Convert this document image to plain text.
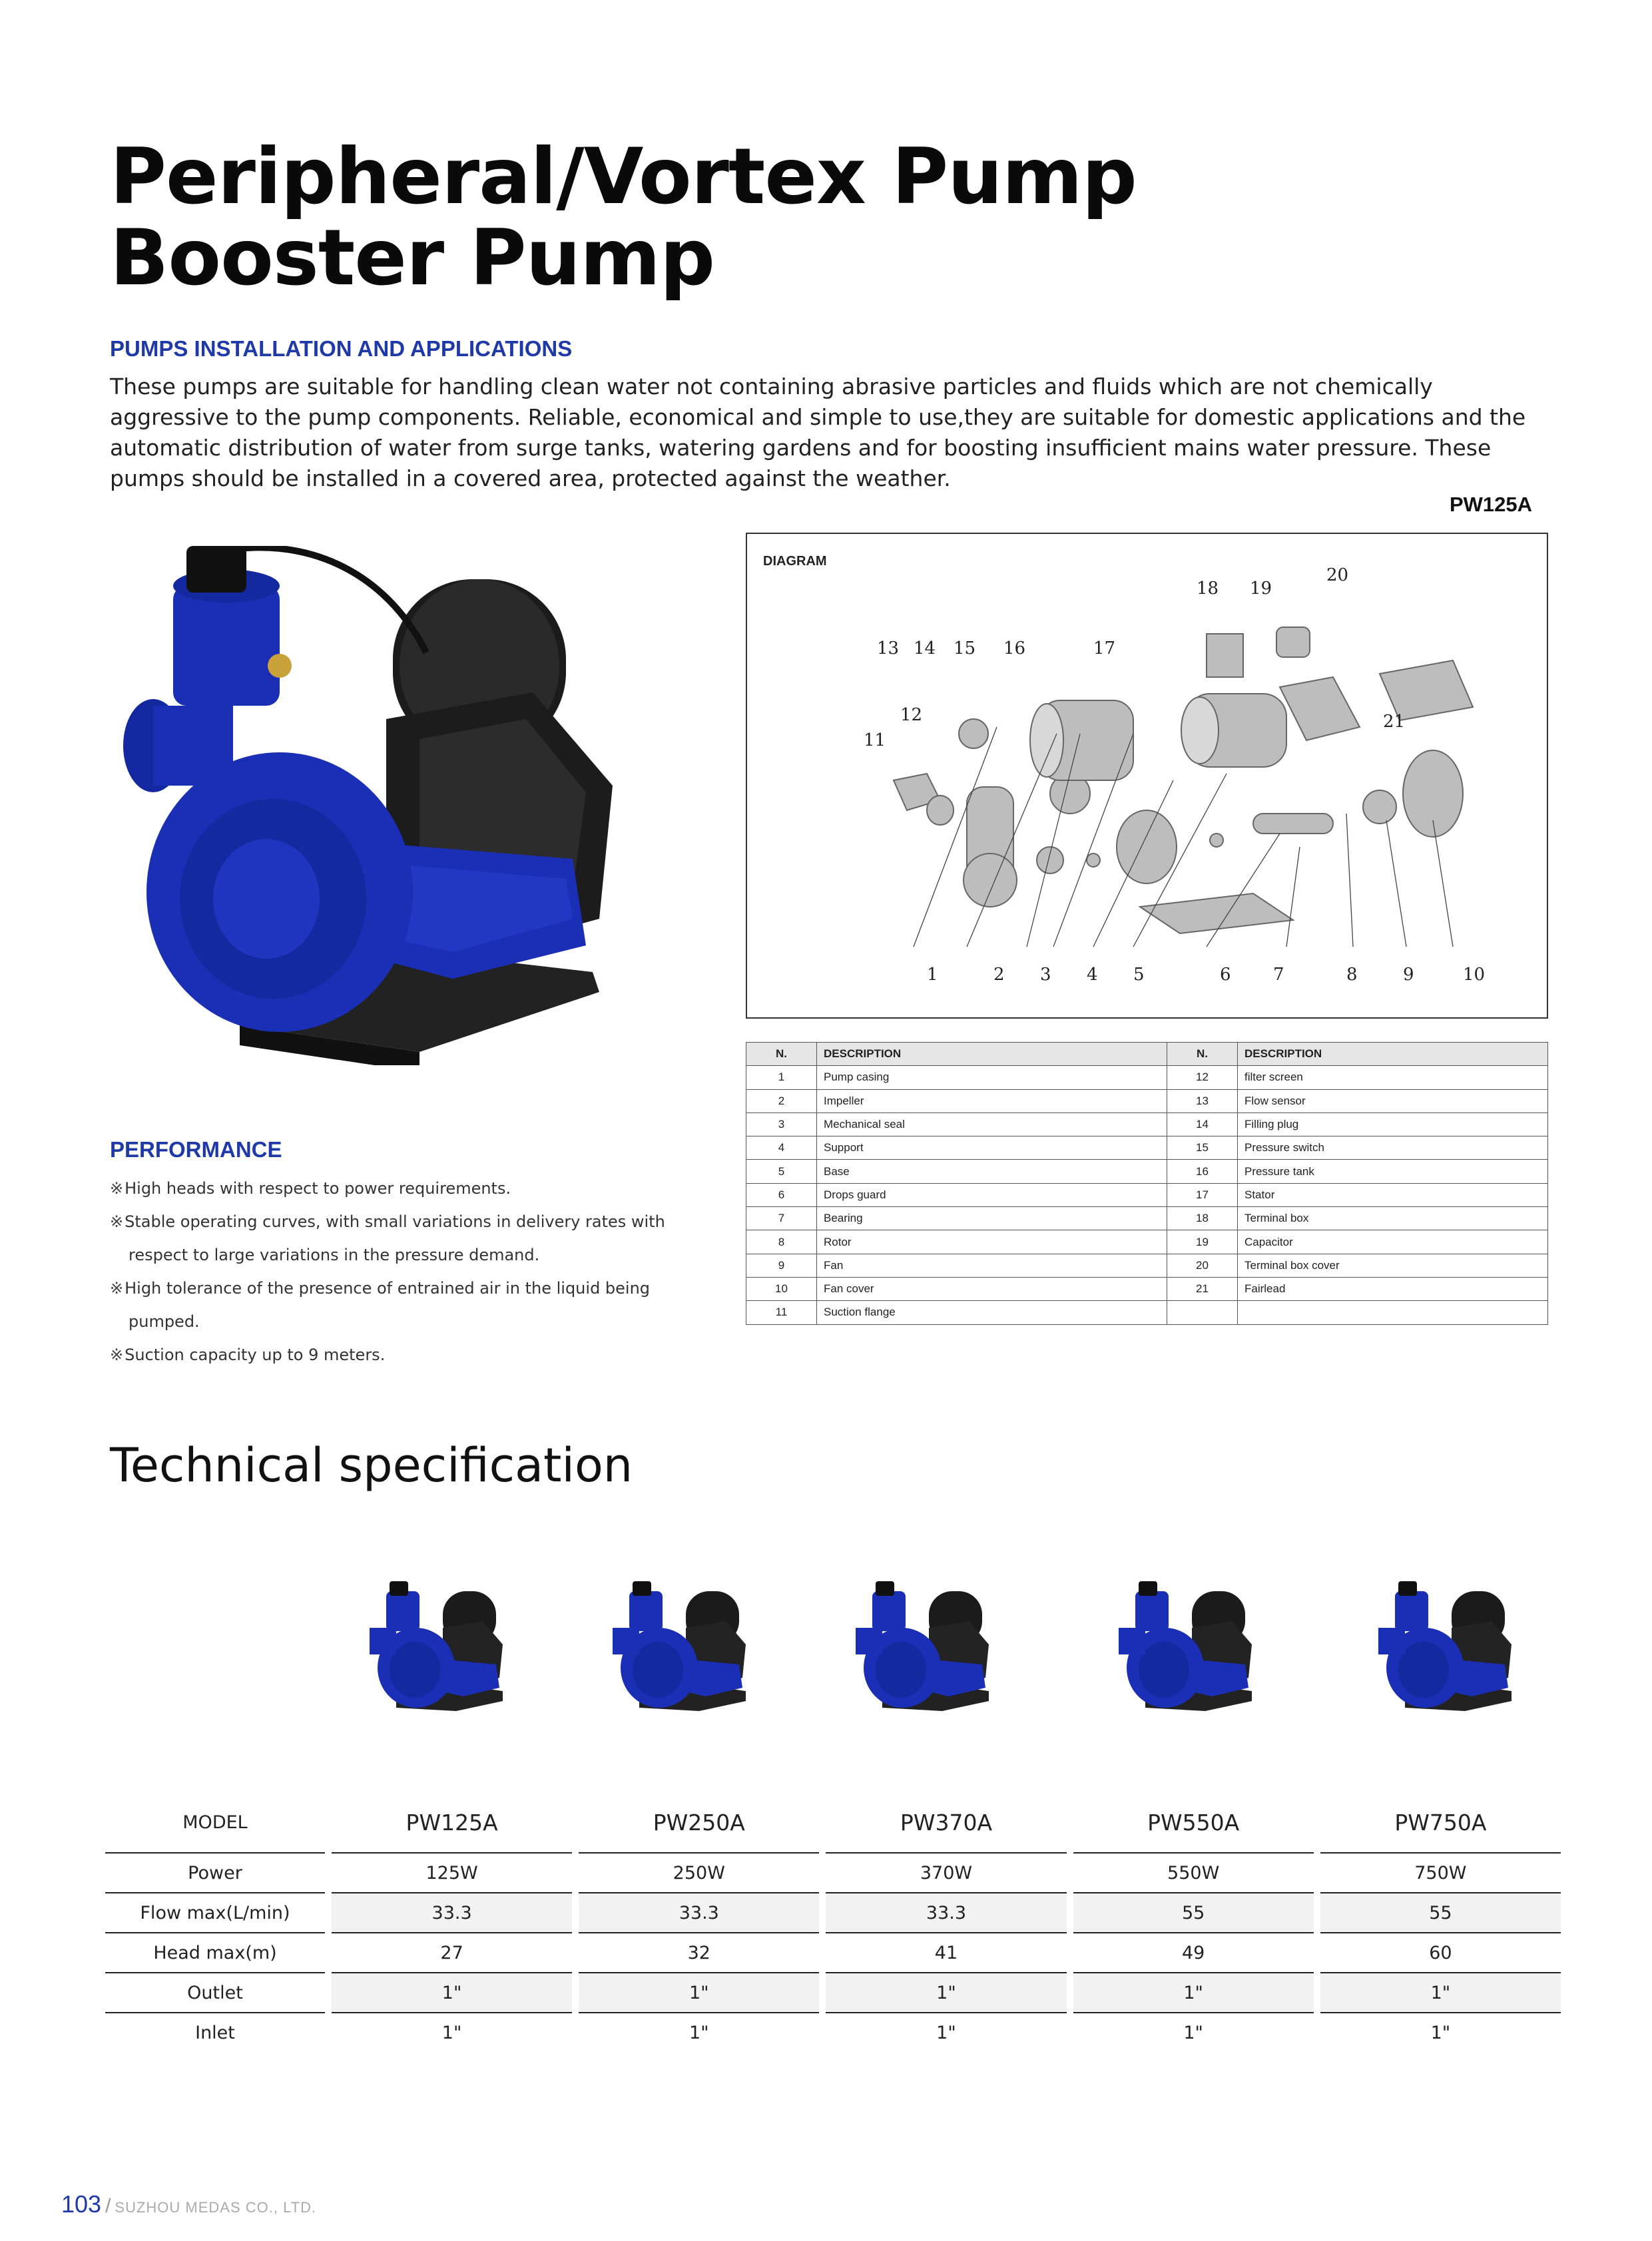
Peripheral/Vortex Pump
Booster Pump
PUMPS INSTALLATION AND APPLICATIONS

These pumps are suitable for handling clean water not containing abrasive particles and fluids which are not chemically aggressive to the pump components. Reliable, economical and simple to use,they are suitable for domestic applications and the automatic distribution of water from surge tanks, watering gardens and for boosting insufficient mains water pressure. These pumps should be installed in a covered area, protected against the weather.

PW125A
DIAGRAM
1	2 3 4 5	6 7	8	9	10
11
12
13 14 15 16	17
18 19
20
21
N.	DESCRIPTION	N.	DESCRIPTION
1	Pump casing	12	filter screen
2	Impeller	13	Flow sensor
3	Mechanical seal	14	Filling plug
4	Support	15	Pressure switch
5	Base	16	Pressure tank
6	Drops guard	17	Stator
7	Bearing	18	Terminal box
8	Rotor	19	Capacitor
9	Fan	20	Terminal box cover
10	Fan cover	21	Fairlead
11	Suction flange		
PERFORMANCE
※ High heads with respect to power requirements.
※ Stable operating curves, with small variations in delivery rates with respect to large variations in the pressure demand.
※ High tolerance of the presence of entrained air in the liquid being pumped.
※ Suction capacity up to 9 meters.
Technical specification
MODEL		PW125A		PW250A		PW370A		PW550A		PW750A
Power		125W		250W		370W		550W		750W
Flow max(L/min)		33.3		33.3		33.3		55		55
Head max(m)		27		32		41		49		60
Outlet		1"		1"		1"		1"		1"
Inlet		1"		1"		1"		1"		1"
103 / SUZHOU MEDAS CO., LTD.
